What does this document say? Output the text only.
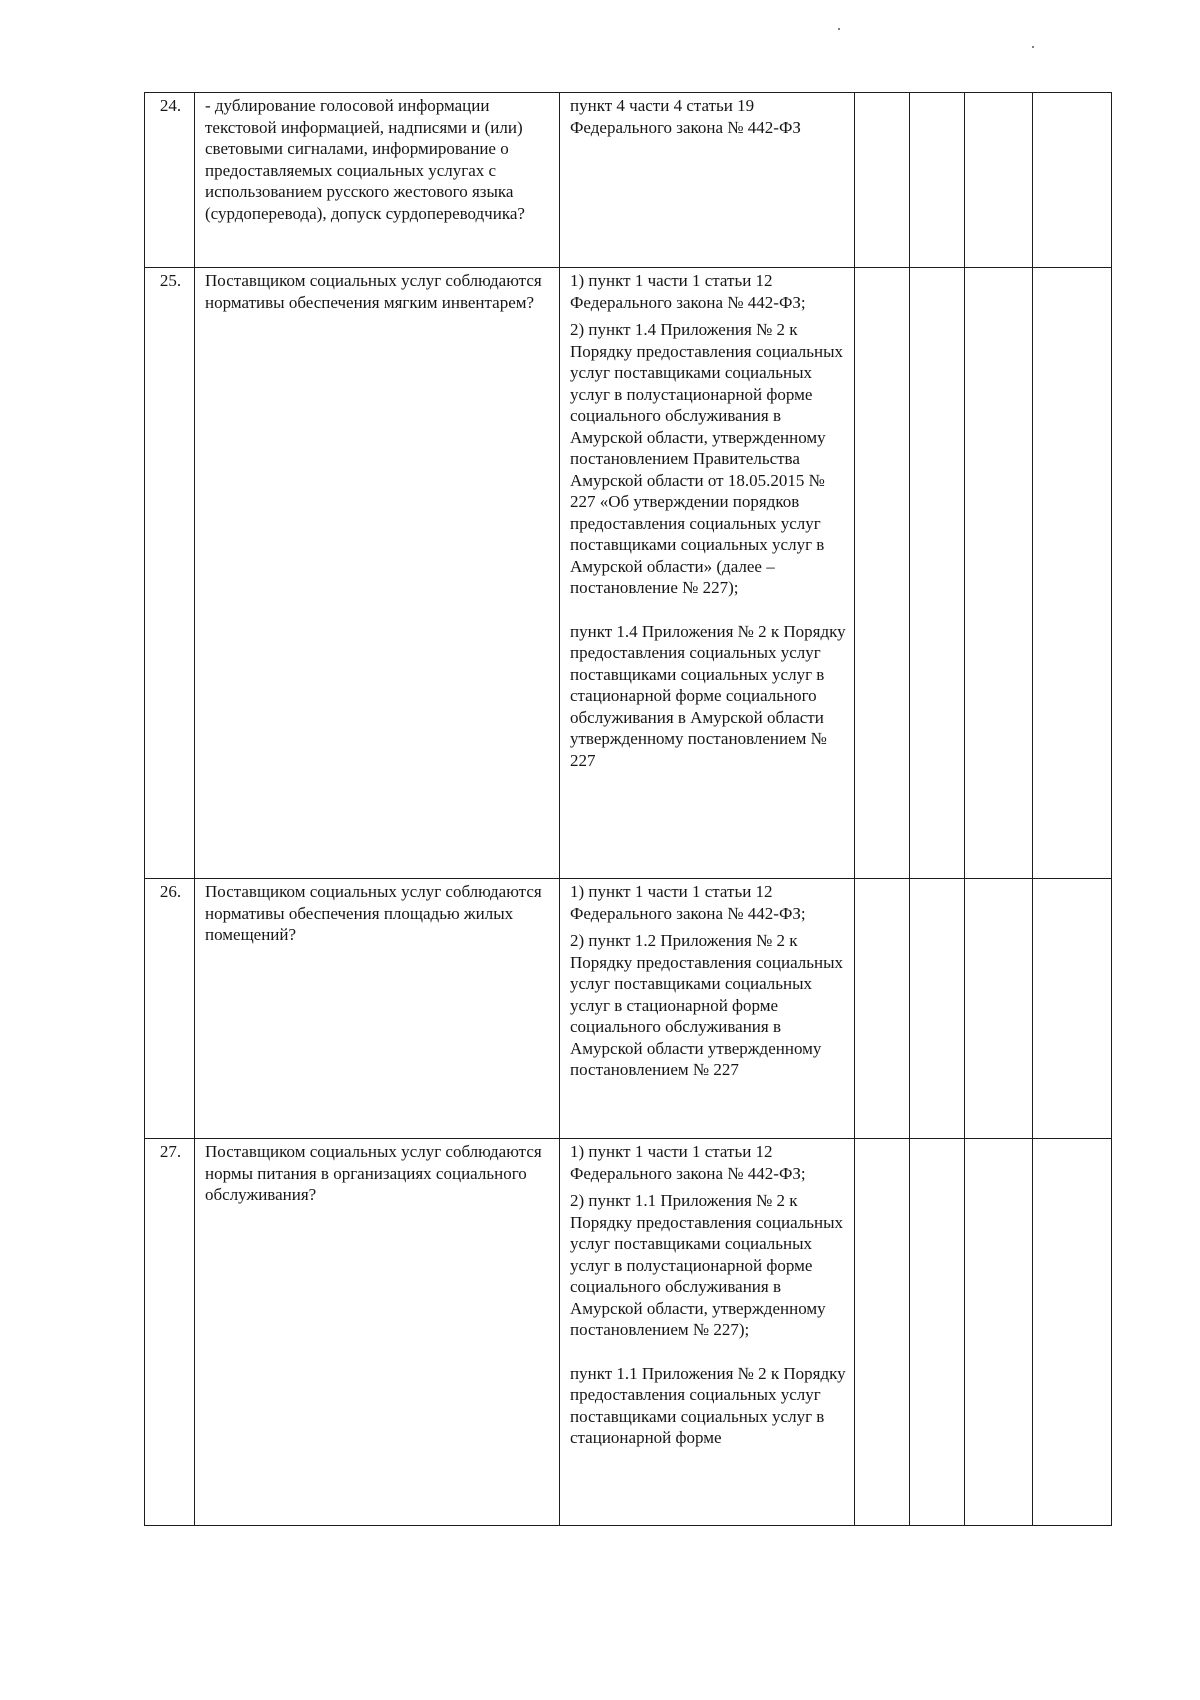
24.	- дублирование голосовой информации текстовой информацией, надписями и (или) световыми сигналами, информирование о предоставляемых социальных услугах с использованием русского жестового языка (сурдоперевода), допуск сурдопереводчика?	пункт 4 части 4 статьи 19 Федерального закона № 442-ФЗ				

25.	Поставщиком социальных услуг соблюдаются нормативы обеспечения мягким инвентарем?	1) пункт 1 части 1 статьи 12 Федерального закона № 442-ФЗ;
2) пункт 1.4 Приложения № 2 к Порядку предоставления социальных услуг поставщиками социальных услуг в полустационарной форме социального обслуживания в Амурской области, утвержденному постановлением Правительства Амурской области от 18.05.2015 № 227 «Об утверждении порядков предоставления социальных услуг поставщиками социальных услуг в Амурской области» (далее – постановление № 227);
пункт 1.4 Приложения № 2 к Порядку предоставления социальных услуг поставщиками социальных услуг в стационарной форме социального обслуживания в Амурской области утвержденному постановлением № 227				

26.	Поставщиком социальных услуг соблюдаются нормативы обеспечения площадью жилых помещений?	1) пункт 1 части 1 статьи 12 Федерального закона № 442-ФЗ;
2) пункт 1.2 Приложения № 2 к Порядку предоставления социальных услуг поставщиками социальных услуг в стационарной форме социального обслуживания в Амурской области утвержденному постановлением № 227				

27.	Поставщиком социальных услуг соблюдаются нормы питания в организациях социального обслуживания?	1) пункт 1 части 1 статьи 12 Федерального закона № 442-ФЗ;
2) пункт 1.1 Приложения № 2 к Порядку предоставления социальных услуг поставщиками социальных услуг в полустационарной форме социального обслуживания в Амурской области, утвержденному постановлением № 227);
пункт 1.1 Приложения № 2 к Порядку предоставления социальных услуг поставщиками социальных услуг в стационарной форме				
